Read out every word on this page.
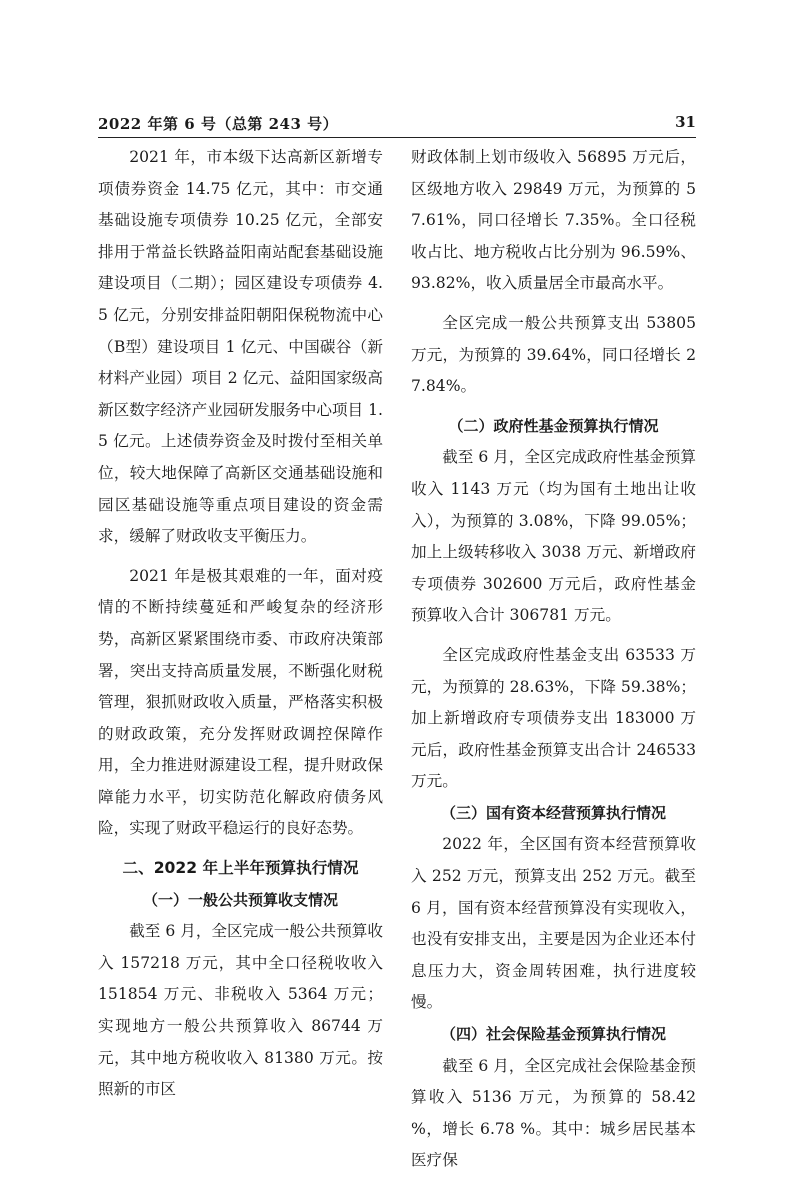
2022 年第 6 号（总第 243 号）	31

2021 年，市本级下达高新区新增专项债券资金 14.75 亿元，其中：市交通基础设施专项债券 10.25 亿元，全部安排用于常益长铁路益阳南站配套基础设施建设项目（二期）；园区建设专项债券 4.5 亿元，分别安排益阳朝阳保税物流中心（B型）建设项目 1 亿元、中国碳谷（新材料产业园）项目 2 亿元、益阳国家级高新区数字经济产业园研发服务中心项目 1.5 亿元。上述债券资金及时拨付至相关单位，较大地保障了高新区交通基础设施和园区基础设施等重点项目建设的资金需求，缓解了财政收支平衡压力。

2021 年是极其艰难的一年，面对疫情的不断持续蔓延和严峻复杂的经济形势，高新区紧紧围绕市委、市政府决策部署，突出支持高质量发展，不断强化财税管理，狠抓财政收入质量，严格落实积极的财政政策，充分发挥财政调控保障作用，全力推进财源建设工程，提升财政保障能力水平，切实防范化解政府债务风险，实现了财政平稳运行的良好态势。

二、2022 年上半年预算执行情况

（一）一般公共预算收支情况

截至 6 月，全区完成一般公共预算收入 157218 万元，其中全口径税收收入 151854 万元、非税收入 5364 万元；实现地方一般公共预算收入 86744 万元，其中地方税收收入 81380 万元。按照新的市区

财政体制上划市级收入 56895 万元后，区级地方收入 29849 万元，为预算的 57.61%，同口径增长 7.35%。全口径税收占比、地方税收占比分别为 96.59%、93.82%，收入质量居全市最高水平。

全区完成一般公共预算支出 53805 万元，为预算的 39.64%，同口径增长 27.84%。

（二）政府性基金预算执行情况

截至 6 月，全区完成政府性基金预算收入 1143 万元（均为国有土地出让收入），为预算的 3.08%，下降 99.05%；加上上级转移收入 3038 万元、新增政府专项债券 302600 万元后，政府性基金预算收入合计 306781 万元。

全区完成政府性基金支出 63533 万元，为预算的 28.63%，下降 59.38%；加上新增政府专项债券支出 183000 万元后，政府性基金预算支出合计 246533 万元。

（三）国有资本经营预算执行情况

2022 年，全区国有资本经营预算收入 252 万元，预算支出 252 万元。截至 6 月，国有资本经营预算没有实现收入，也没有安排支出，主要是因为企业还本付息压力大，资金周转困难，执行进度较慢。

（四）社会保险基金预算执行情况

截至 6 月，全区完成社会保险基金预算收入 5136 万元，为预算的 58.42 %，增长 6.78 %。其中：城乡居民基本医疗保
